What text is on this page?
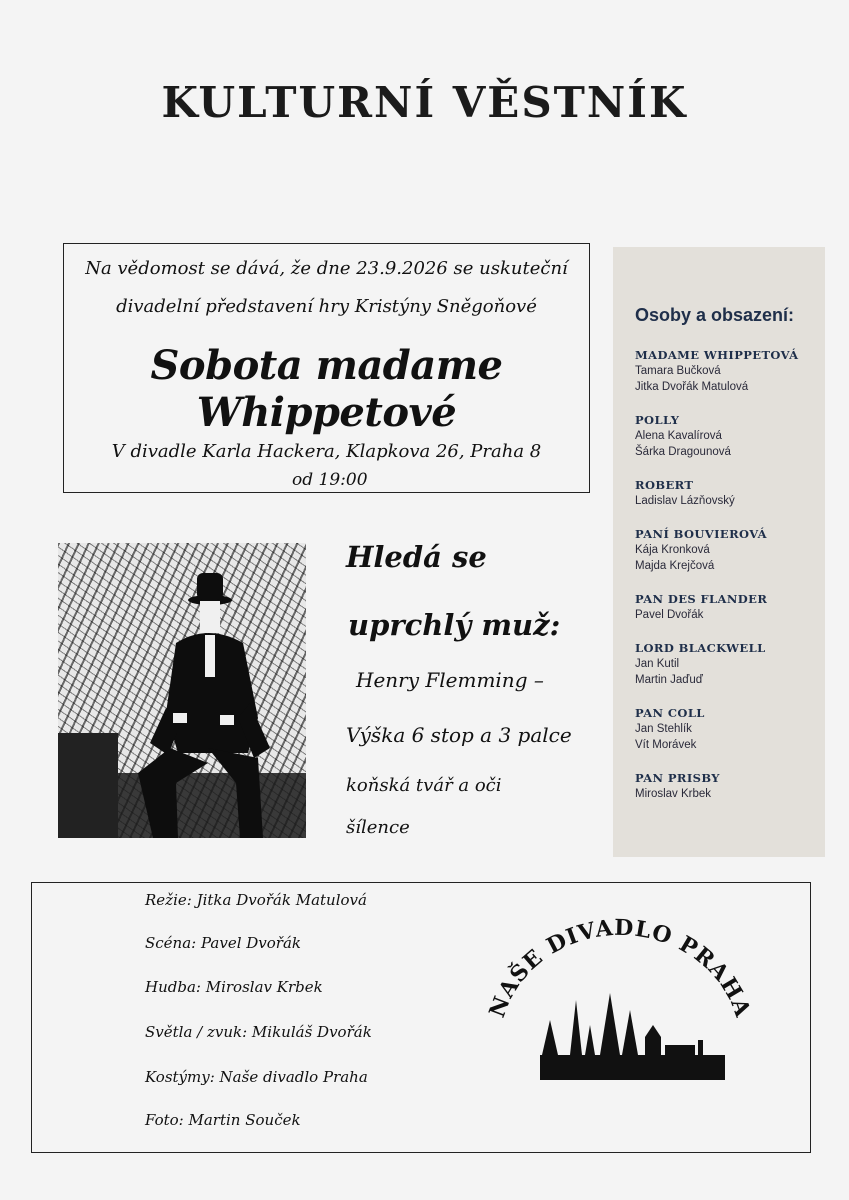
KULTURNÍ VĚSTNÍK
Na vědomost se dává, že dne 23.9.2026 se uskuteční
divadelní představení hry Kristýny Sněgoňové
Sobota madame Whippetové
V divadle Karla Hackera, Klapkova 26, Praha 8
od 19:00
Hledá se
uprchlý muž:
Henry Flemming –
Výška 6 stop a 3 palce
koňská tvář a oči
šílence
Osoby a obsazení:
MADAME WHIPPETOVÁ
Tamara Bučková
Jitka Dvořák Matulová
POLLY
Alena Kavalírová
Šárka Dragounová
ROBERT
Ladislav Lázňovský
PANÍ BOUVIEROVÁ
Kája Kronková
Majda Krejčová
PAN DES FLANDER
Pavel Dvořák
LORD BLACKWELL
Jan Kutil
Martin Jaďuď
PAN COLL
Jan Stehlík
Vít Morávek
PAN PRISBY
Miroslav Krbek
Režie: Jitka Dvořák Matulová
Scéna: Pavel Dvořák
Hudba: Miroslav Krbek
Světla / zvuk: Mikuláš Dvořák
Kostýmy: Naše divadlo Praha
Foto: Martin Souček
NAŠE DIVADLO PRAHA
